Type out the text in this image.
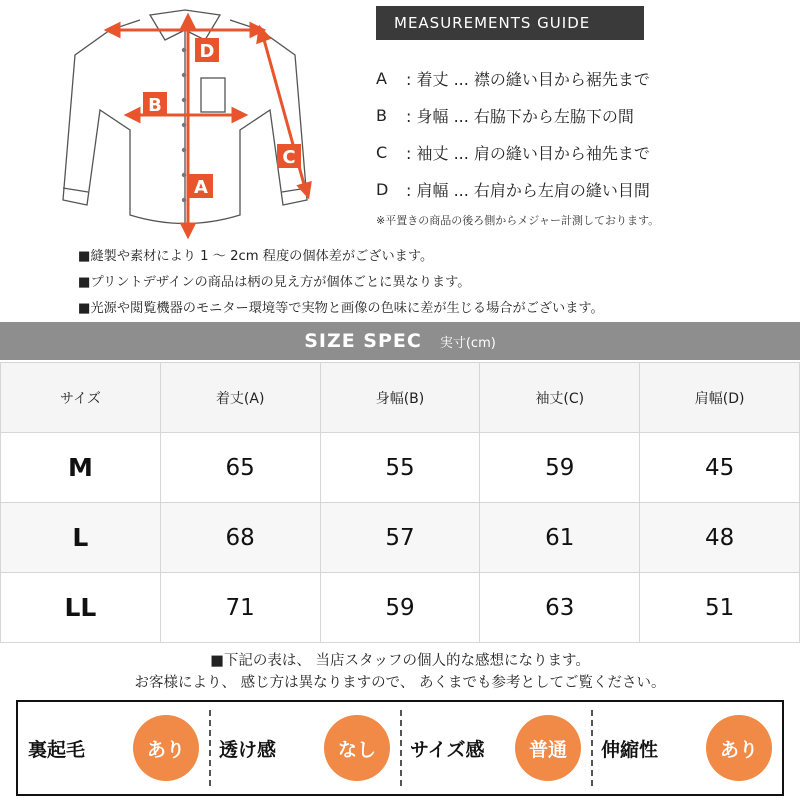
D
B
A
C
MEASUREMENTS GUIDE
A	: 着丈 ... 襟の縫い目から裾先まで
B	: 身幅 ... 右脇下から左脇下の間
C	: 袖丈 ... 肩の縫い目から袖先まで
D	: 肩幅 ... 右肩から左肩の縫い目間
※平置きの商品の後ろ側からメジャー計測しております。
■縫製や素材により 1 〜 2cm 程度の個体差がございます。
■プリントデザインの商品は柄の見え方が個体ごとに異なります。
■光源や閲覧機器のモニター環境等で実物と画像の色味に差が生じる場合がございます。
SIZE SPEC 実寸(cm)
サイズ	着丈(A)	身幅(B)	袖丈(C)	肩幅(D)
M	65	55	59	45
L	68	57	61	48
LL	71	59	63	51
■下記の表は、 当店スタッフの個人的な感想になります。
お客様により、 感じ方は異なりますので、 あくまでも参考としてご覧ください。
裏起毛	あり	透け感	なし	サイズ感	普通	伸縮性	あり
